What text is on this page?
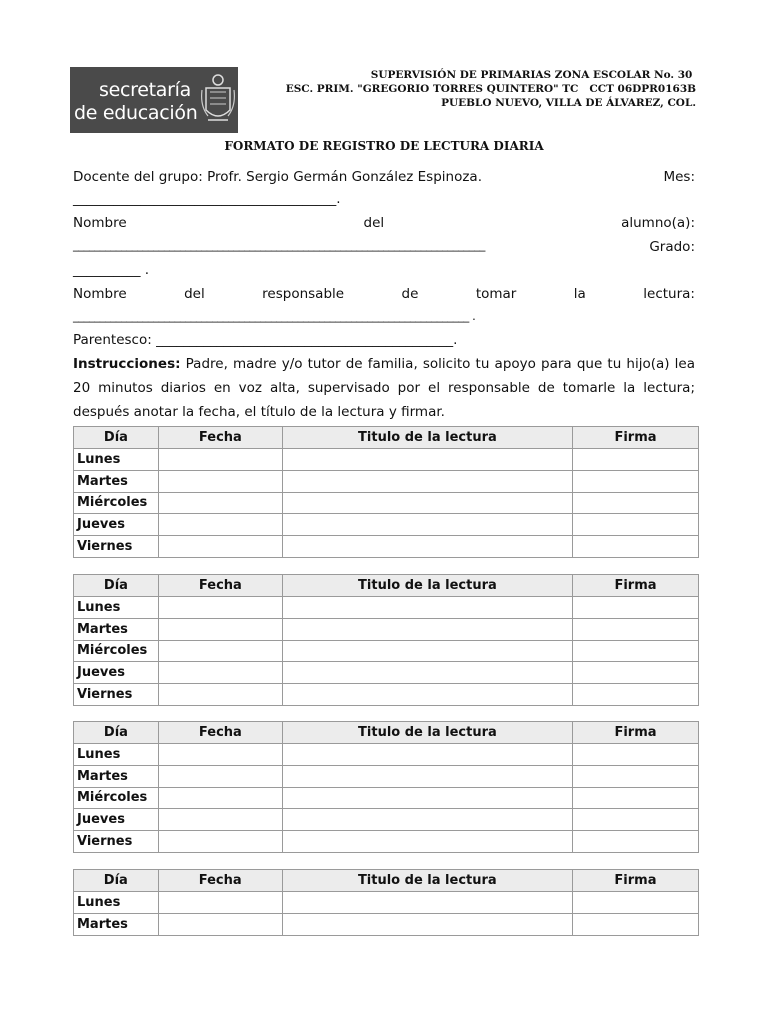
secretaría
de educación
SUPERVISIÓN DE PRIMARIAS ZONA ESCOLAR No. 30
ESC. PRIM. "GREGORIO TORRES QUINTERO" TC   CCT 06DPR0163B
PUEBLO NUEVO, VILLA DE ÁLVAREZ, COL.
FORMATO DE REGISTRO DE LECTURA DIARIA
Docente del grupo: Profr. Sergio Germán González Espinoza.	Mes:
_______________________________________.
Nombre	del	alumno(a):
_____________________________________________________________________________	Grado:
__________ .
Nombre	del	responsable	de	tomar	la	lectura:
__________________________________________________________________________ .
Parentesco: ____________________________________________.
Instrucciones: Padre, madre y/o tutor de familia, solicito tu apoyo para que tu hijo(a) lea 20 minutos diarios en voz alta, supervisado por el responsable de tomarle la lectura; después anotar la fecha, el título de la lectura y firmar.
Día	Fecha	Titulo de la lectura	Firma
Lunes			
Martes			
Miércoles			
Jueves			
Viernes			
Día	Fecha	Titulo de la lectura	Firma
Lunes			
Martes			
Miércoles			
Jueves			
Viernes			
Día	Fecha	Titulo de la lectura	Firma
Lunes			
Martes			
Miércoles			
Jueves			
Viernes			
Día	Fecha	Titulo de la lectura	Firma
Lunes			
Martes			
